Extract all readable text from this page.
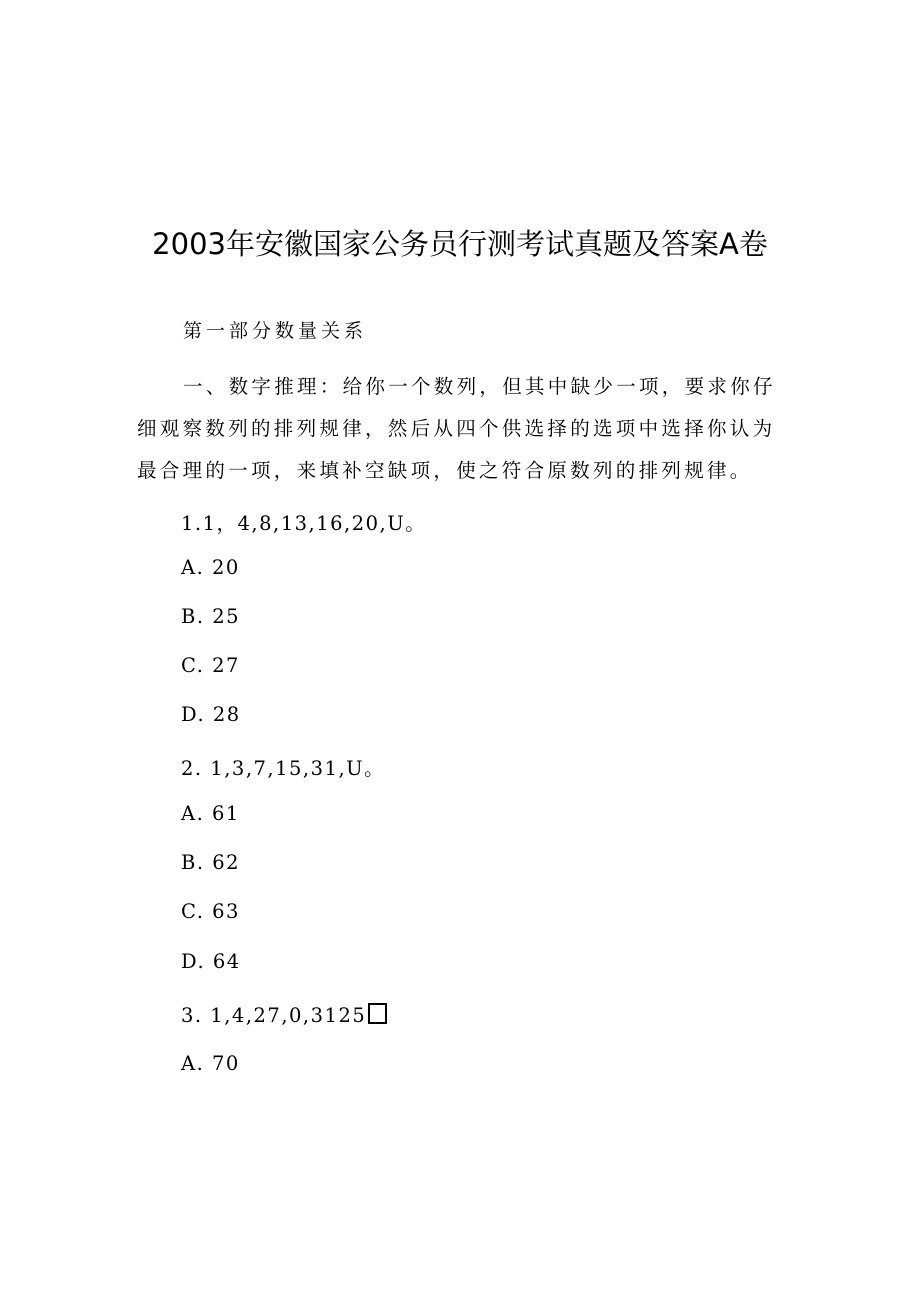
2003年安徽国家公务员行测考试真题及答案A卷
第一部分数量关系
一、数字推理：给你一个数列，但其中缺少一项，要求你仔细观察数列的排列规律，然后从四个供选择的选项中选择你认为最合理的一项，来填补空缺项，使之符合原数列的排列规律。
1.1，4,8,13,16,20,U。
A. 20
B. 25
C. 27
D. 28
2. 1,3,7,15,31,U。
A. 61
B. 62
C. 63
D. 64
3. 1,4,27,0,3125
A. 70
